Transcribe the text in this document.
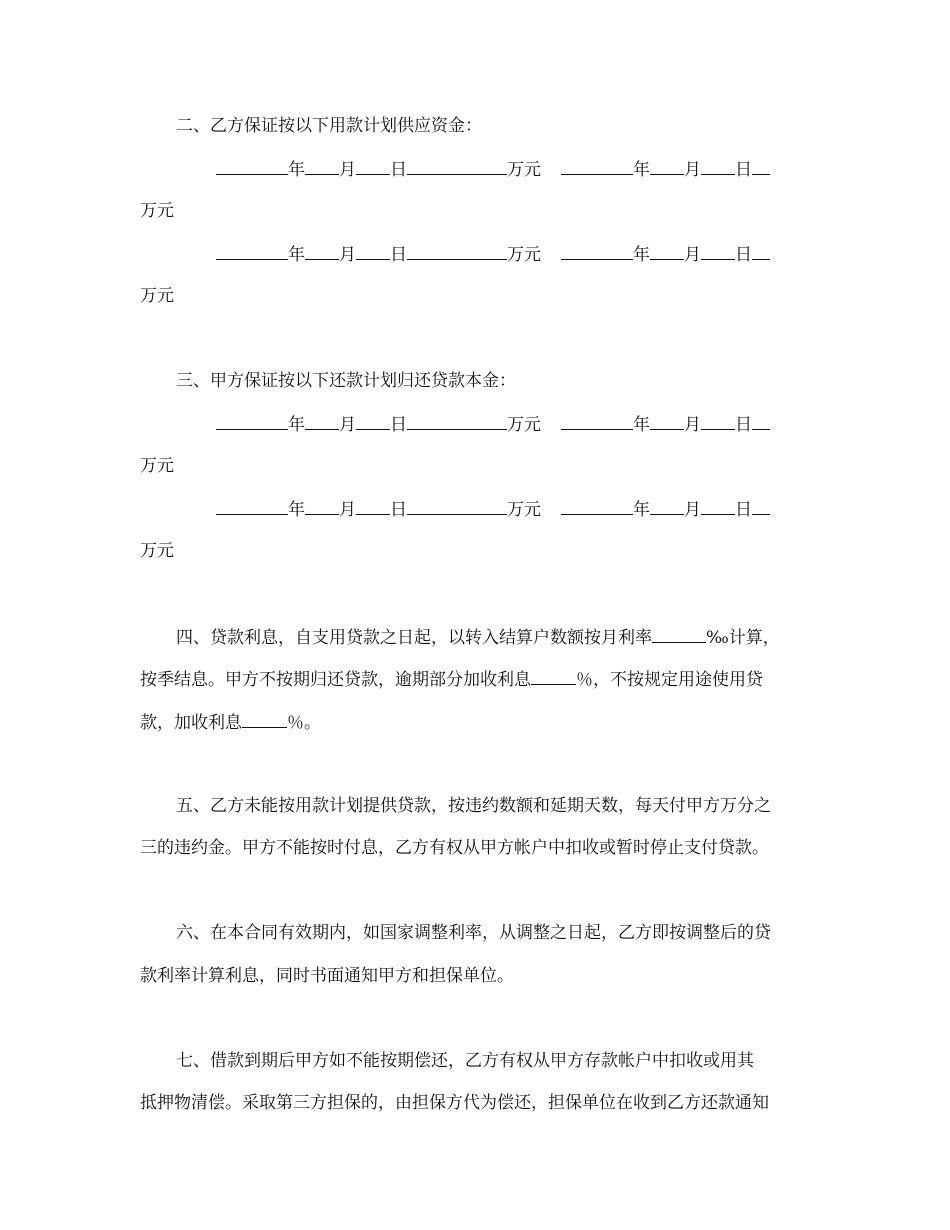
二、乙方保证按以下用款计划供应资金：
年 月 日	万元	年 月 日
万元
年 月 日	万元	年 月 日
万元
三、甲方保证按以下还款计划归还贷款本金：
年 月 日	万元	年 月 日
万元
年 月 日	万元	年 月 日
万元
四、贷款利息，自支用贷款之日起，以转入结算户数额按月利率	‰计算，
按季结息。甲方不按期归还贷款，逾期部分加收利息	％，不按规定用途使用贷
款，加收利息	％。
五、乙方未能按用款计划提供贷款，按违约数额和延期天数，每天付甲方万分之
三的违约金。甲方不能按时付息，乙方有权从甲方帐户中扣收或暂时停止支付贷款。
六、在本合同有效期内，如国家调整利率，从调整之日起，乙方即按调整后的贷
款利率计算利息，同时书面通知甲方和担保单位。
七、借款到期后甲方如不能按期偿还，乙方有权从甲方存款帐户中扣收或用其
抵押物清偿。采取第三方担保的，由担保方代为偿还，担保单位在收到乙方还款通知
